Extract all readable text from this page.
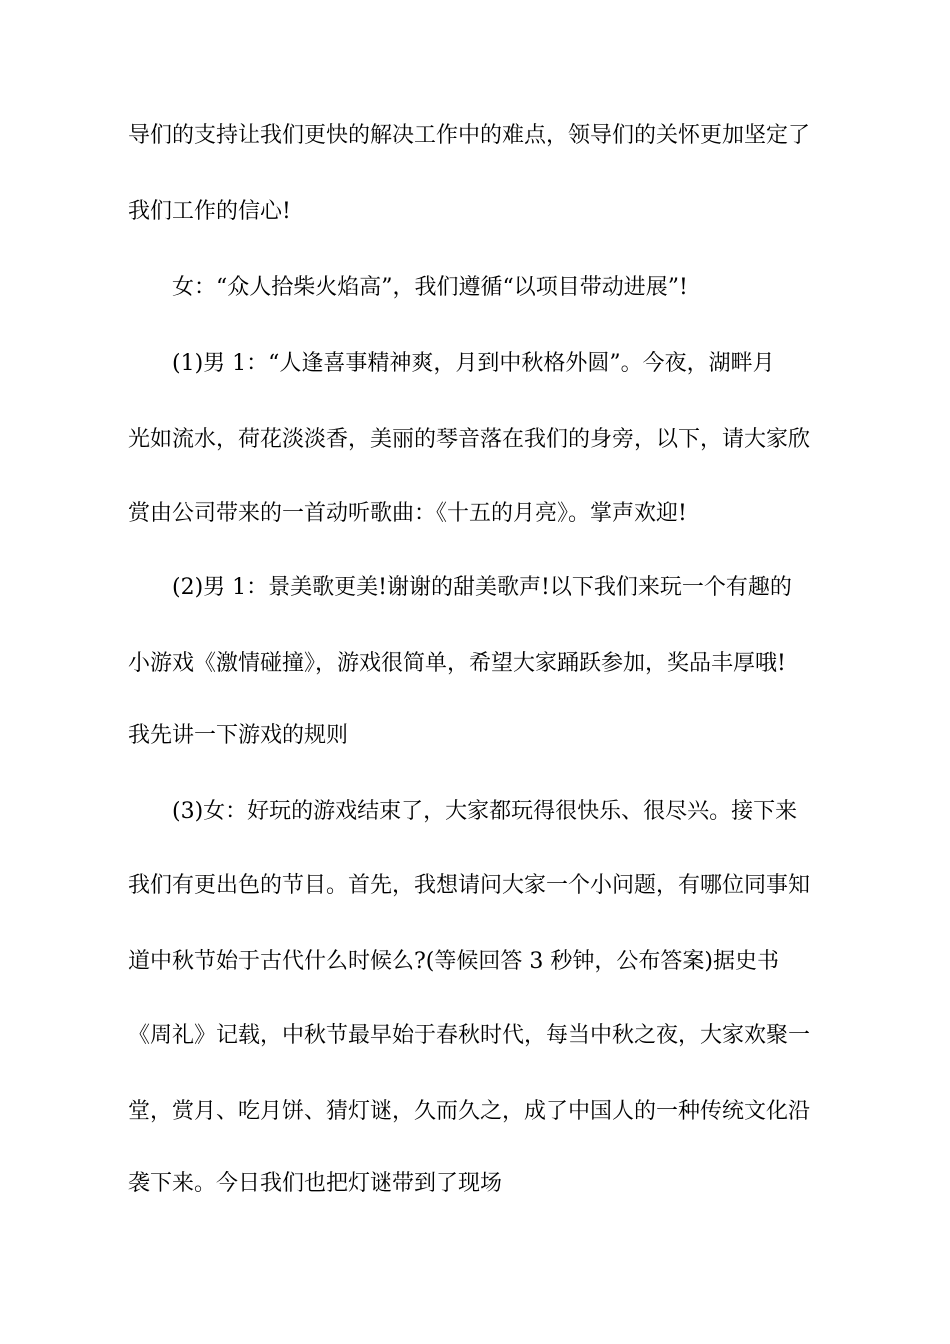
导们的支持让我们更快的解决工作中的难点，领导们的关怀更加坚定了
我们工作的信心!
女：“众人拾柴火焰高”，我们遵循“以项目带动进展”!
(1)男 1：“人逢喜事精神爽，月到中秋格外圆”。今夜，湖畔月
光如流水，荷花淡淡香，美丽的琴音落在我们的身旁，以下，请大家欣
赏由公司带来的一首动听歌曲：《十五的月亮》。掌声欢迎!
(2)男 1：景美歌更美!谢谢的甜美歌声!以下我们来玩一个有趣的
小游戏《激情碰撞》，游戏很简单，希望大家踊跃参加，奖品丰厚哦!
我先讲一下游戏的规则
(3)女：好玩的游戏结束了，大家都玩得很快乐、很尽兴。接下来
我们有更出色的节目。首先，我想请问大家一个小问题，有哪位同事知
道中秋节始于古代什么时候么?(等候回答 3 秒钟，公布答案)据史书
《周礼》记载，中秋节最早始于春秋时代，每当中秋之夜，大家欢聚一
堂，赏月、吃月饼、猜灯谜，久而久之，成了中国人的一种传统文化沿
袭下来。今日我们也把灯谜带到了现场
